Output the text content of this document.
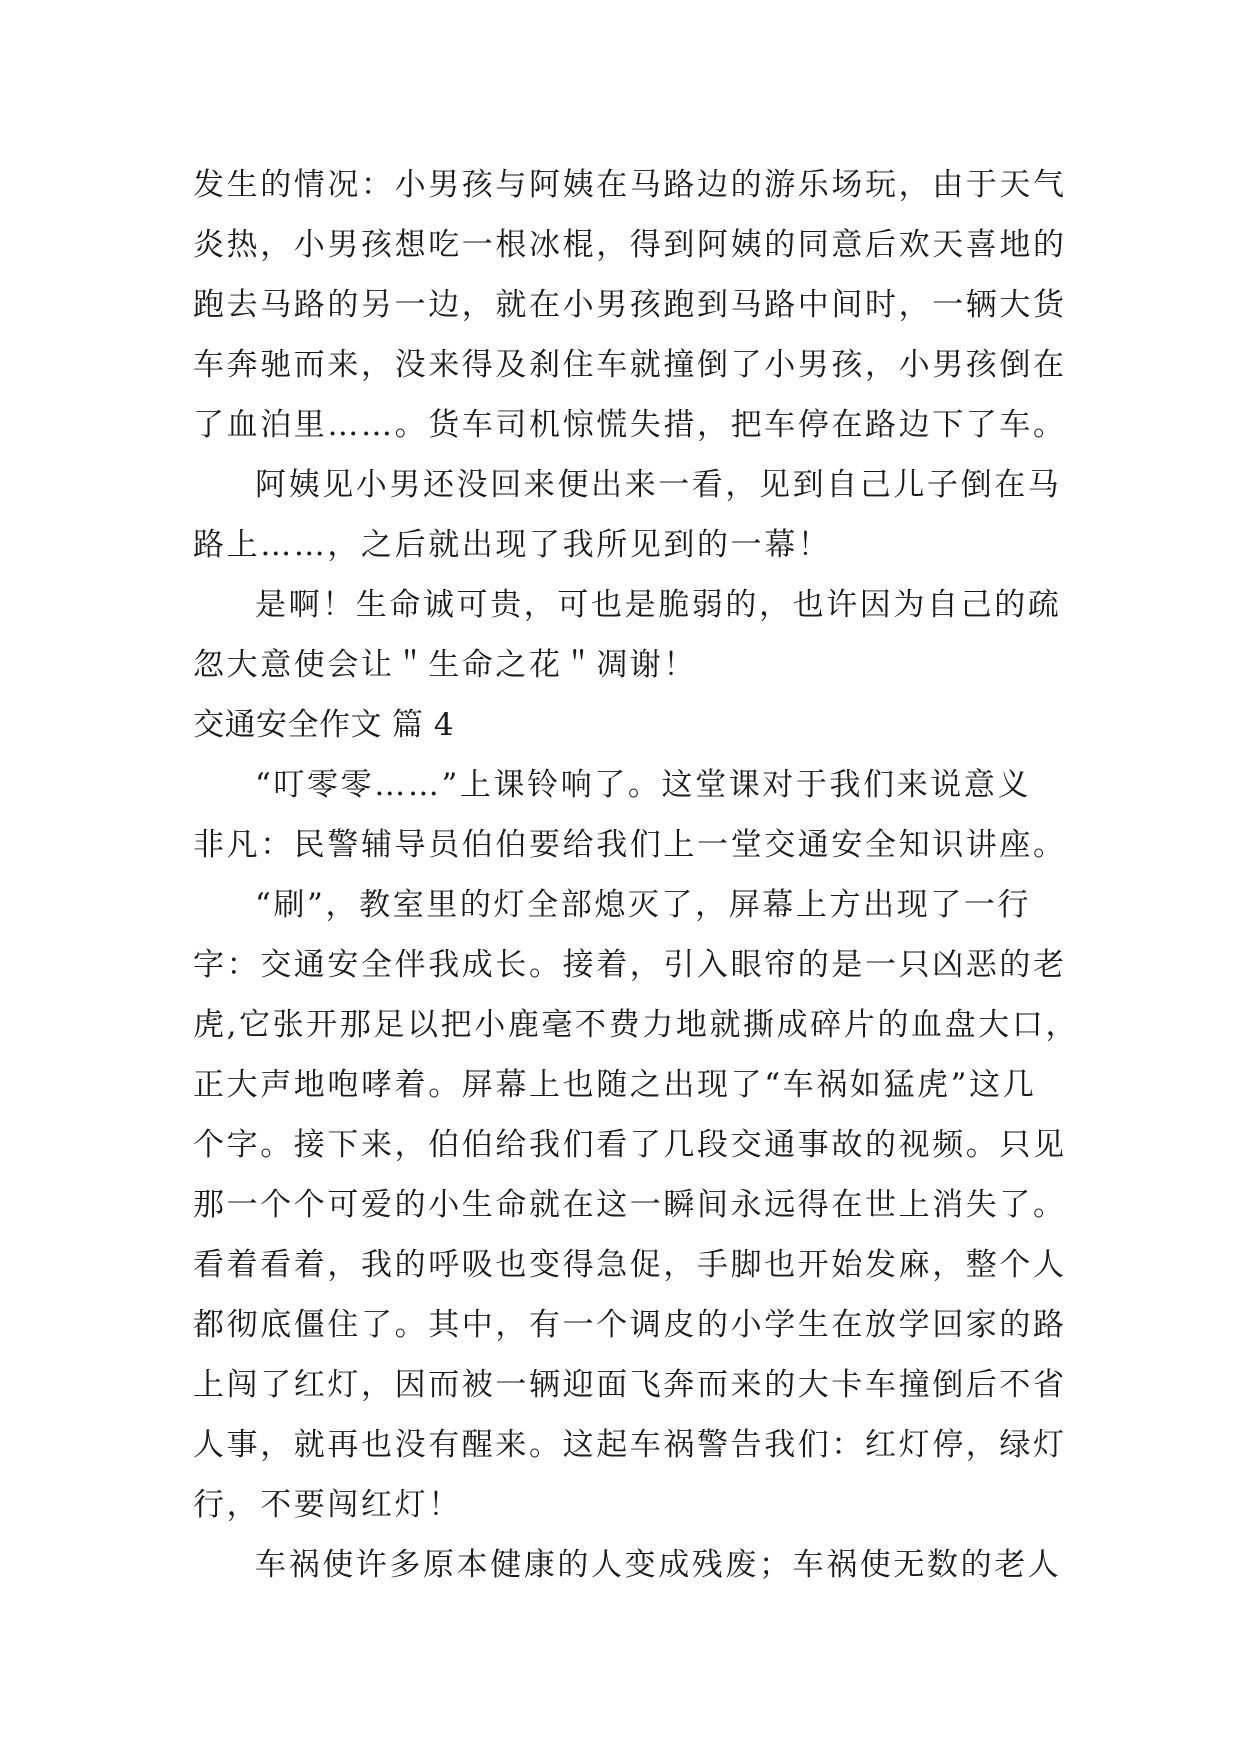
发生的情况：小男孩与阿姨在马路边的游乐场玩，由于天气
炎热，小男孩想吃一根冰棍，得到阿姨的同意后欢天喜地的
跑去马路的另一边，就在小男孩跑到马路中间时，一辆大货
车奔驰而来，没来得及刹住车就撞倒了小男孩，小男孩倒在
了血泊里……。货车司机惊慌失措，把车停在路边下了车。
阿姨见小男还没回来便出来一看，见到自己儿子倒在马
路上……，之后就出现了我所见到的一幕！
是啊！生命诚可贵，可也是脆弱的，也许因为自己的疏
忽大意使会让＂生命之花＂凋谢！
交通安全作文 篇 4
“叮零零……”上课铃响了。这堂课对于我们来说意义
非凡：民警辅导员伯伯要给我们上一堂交通安全知识讲座。
“刷”，教室里的灯全部熄灭了，屏幕上方出现了一行
字：交通安全伴我成长。接着，引入眼帘的是一只凶恶的老
虎,它张开那足以把小鹿毫不费力地就撕成碎片的血盘大口，
正大声地咆哮着。屏幕上也随之出现了“车祸如猛虎”这几
个字。接下来，伯伯给我们看了几段交通事故的视频。只见
那一个个可爱的小生命就在这一瞬间永远得在世上消失了。
看着看着，我的呼吸也变得急促，手脚也开始发麻，整个人
都彻底僵住了。其中，有一个调皮的小学生在放学回家的路
上闯了红灯，因而被一辆迎面飞奔而来的大卡车撞倒后不省
人事，就再也没有醒来。这起车祸警告我们：红灯停，绿灯
行，不要闯红灯！
车祸使许多原本健康的人变成残废；车祸使无数的老人
